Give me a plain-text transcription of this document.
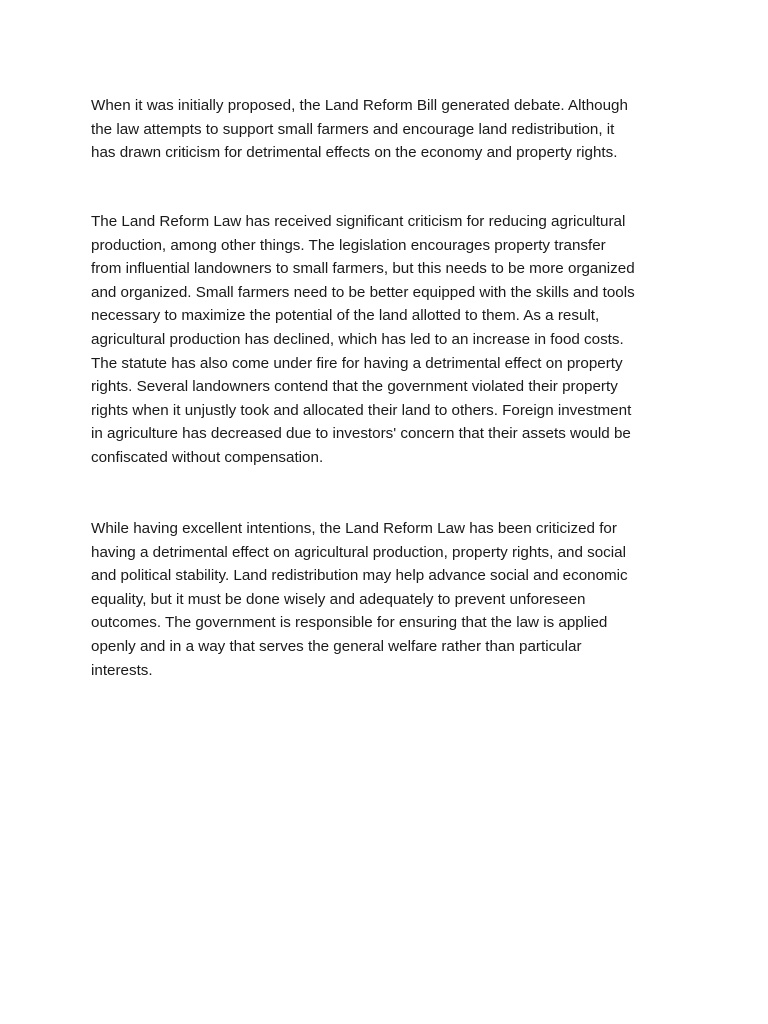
When it was initially proposed, the Land Reform Bill generated debate. Although
the law attempts to support small farmers and encourage land redistribution, it
has drawn criticism for detrimental effects on the economy and property rights.

The Land Reform Law has received significant criticism for reducing agricultural
production, among other things. The legislation encourages property transfer
from influential landowners to small farmers, but this needs to be more organized
and organized. Small farmers need to be better equipped with the skills and tools
necessary to maximize the potential of the land allotted to them. As a result,
agricultural production has declined, which has led to an increase in food costs.
The statute has also come under fire for having a detrimental effect on property
rights. Several landowners contend that the government violated their property
rights when it unjustly took and allocated their land to others. Foreign investment
in agriculture has decreased due to investors' concern that their assets would be
confiscated without compensation.

While having excellent intentions, the Land Reform Law has been criticized for
having a detrimental effect on agricultural production, property rights, and social
and political stability. Land redistribution may help advance social and economic
equality, but it must be done wisely and adequately to prevent unforeseen
outcomes. The government is responsible for ensuring that the law is applied
openly and in a way that serves the general welfare rather than particular
interests.
